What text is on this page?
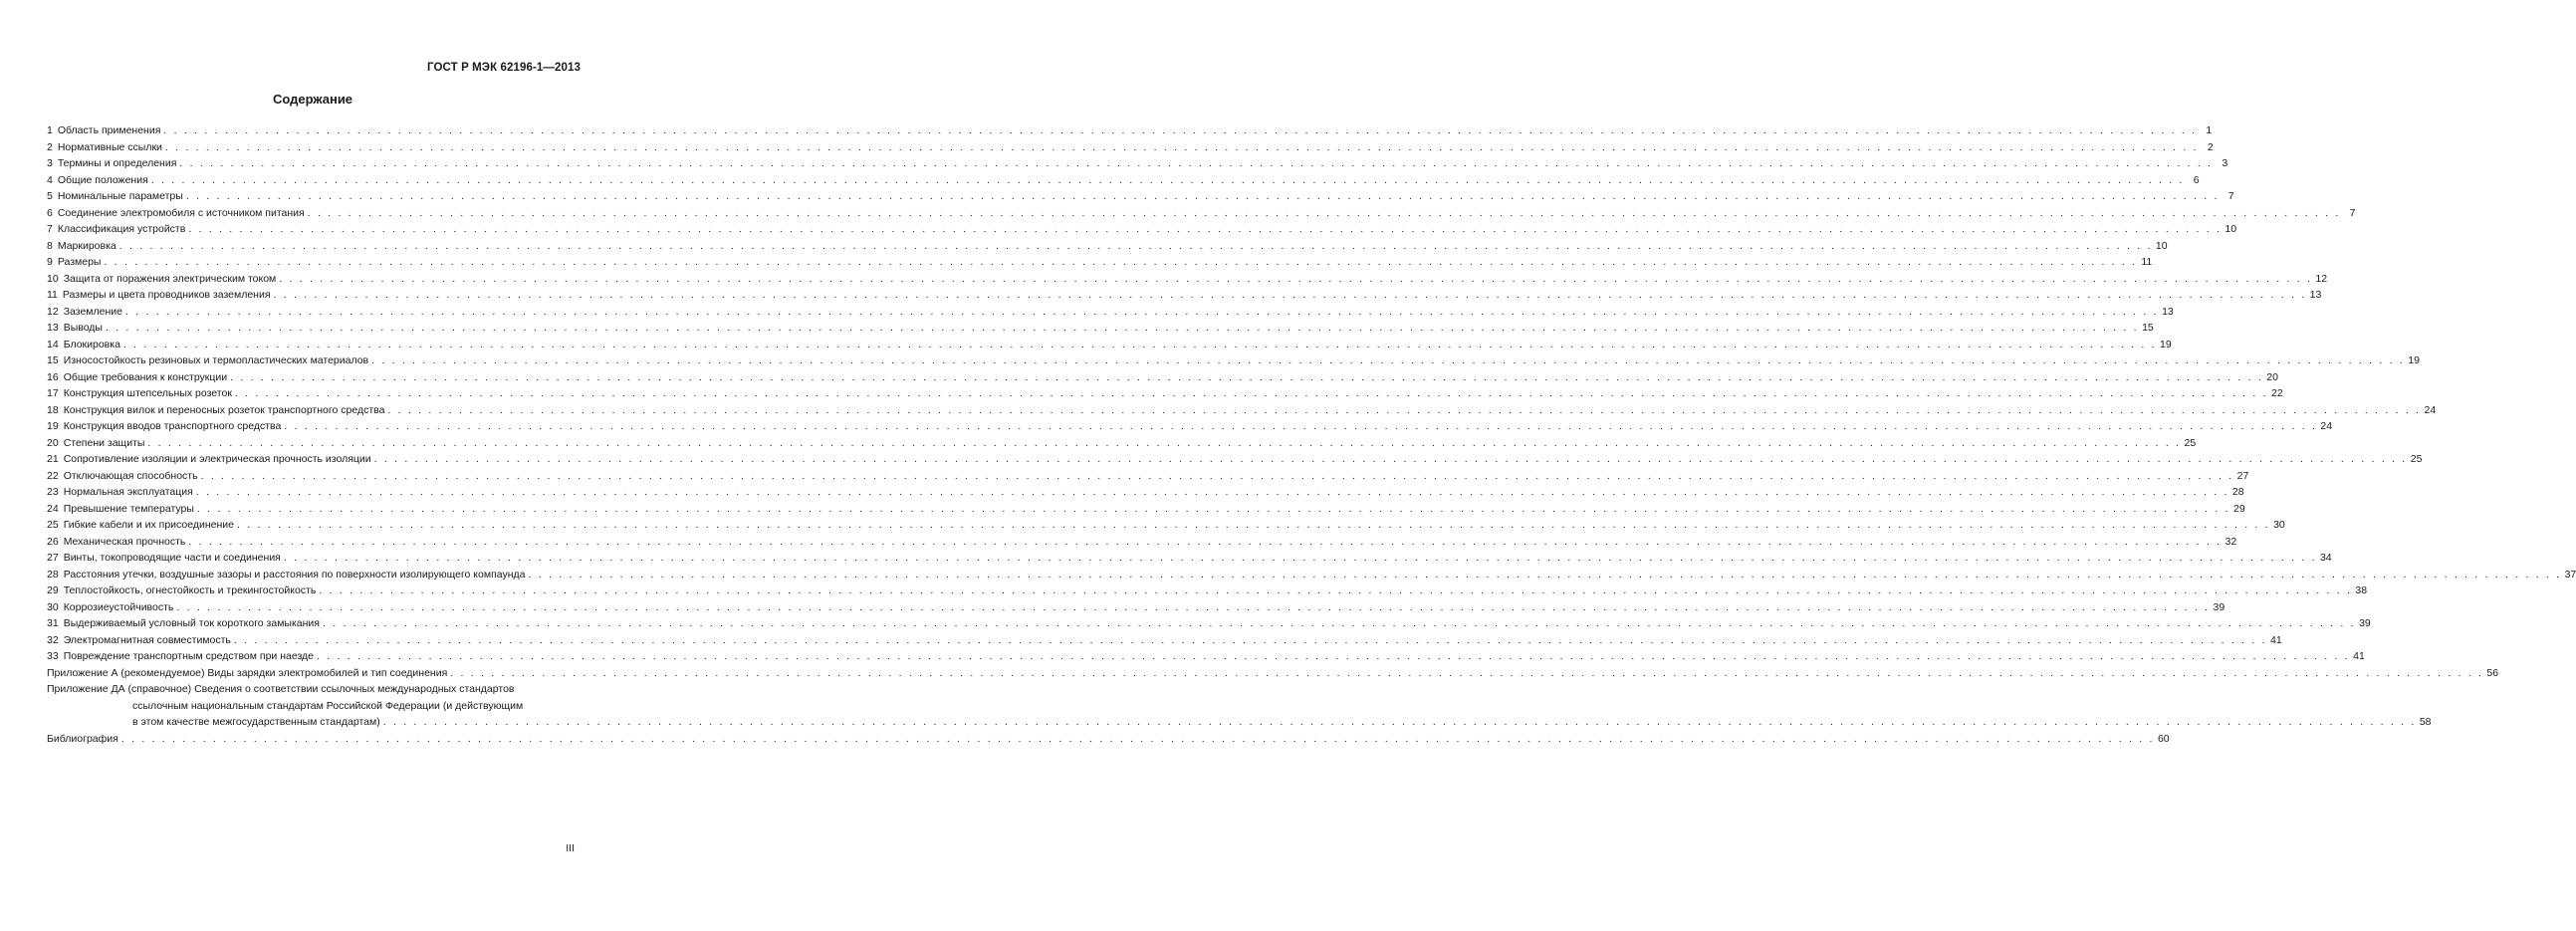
ГОСТ Р МЭК 62196-1—2013
Содержание
1 Область применения . . . . . . . . . . . . . . . . . . . . . . . . . . . . . . . . . . . . . . . . . . . . . . . . . . . . . . . . . . . . . . . . . . . . . . . . . . . . . . . . . . . . . . . . . . . . . . . . . . . . . . . . . . . . . . . . . . . . . . . . . . . . . . . . . . . . . . . . . . . . . . . . . . . . . . . . . . . . . . . . . . . . . . . . . . . . . . . . . . . . . . . . . . . . . . . . . . . . . . . . 1
2 Нормативные ссылки . . . . . . . . . . . . . . . . . . . . . . . . . . . . . . . . . . . . . . . . . . . . . . . . . . . . . . . . . . . . . . . . . . . . . . . . . . . . . . . . . . . . . . . . . . . . . . . . . . . . . . . . . . . . . . . . . . . . . . . . . . . . . . . . . . . . . . . . . . . . . . . . . . . . . . . . . . . . . . . . . . . . . . . . . . . . . . . . . . . . . . . . . . . . . . . . . . . . . . . . 2
3 Термины и определения . . . . . . . . . . . . . . . . . . . . . . . . . . . . . . . . . . . . . . . . . . . . . . . . . . . . . . . . . . . . . . . . . . . . . . . . . . . . . . . . . . . . . . . . . . . . . . . . . . . . . . . . . . . . . . . . . . . . . . . . . . . . . . . . . . . . . . . . . . . . . . . . . . . . . . . . . . . . . . . . . . . . . . . . . . . . . . . . . . . . . . . . . . . . . . . . . . . . . . . . 3
4 Общие положения . . . . . . . . . . . . . . . . . . . . . . . . . . . . . . . . . . . . . . . . . . . . . . . . . . . . . . . . . . . . . . . . . . . . . . . . . . . . . . . . . . . . . . . . . . . . . . . . . . . . . . . . . . . . . . . . . . . . . . . . . . . . . . . . . . . . . . . . . . . . . . . . . . . . . . . . . . . . . . . . . . . . . . . . . . . . . . . . . . . . . . . . . . . . . . . . . . . . . . . . 6
5 Номинальные параметры . . . . . . . . . . . . . . . . . . . . . . . . . . . . . . . . . . . . . . . . . . . . . . . . . . . . . . . . . . . . . . . . . . . . . . . . . . . . . . . . . . . . . . . . . . . . . . . . . . . . . . . . . . . . . . . . . . . . . . . . . . . . . . . . . . . . . . . . . . . . . . . . . . . . . . . . . . . . . . . . . . . . . . . . . . . . . . . . . . . . . . . . . . . . . . . . . . . . . . . . 7
6 Соединение электромобиля с источником питания . . . . . . . . . . . . . . . . . . . . . . . . . . . . . . . . . . . . . . . . . . . . . . . . . . . . . . . . . . . . . . . . . . . . . . . . . . . . . . . . . . . . . . . . . . . . . . . . . . . . . . . . . . . . . . . . . . . . . . . . . . . . . . . . . . . . . . . . . . . . . . . . . . . . . . . . . . . . . . . . . . . . . . . . . . . . . . . . . . . . . . . . . . . . . . . . . . . . . . . . 7
7 Классификация устройств . . . . . . . . . . . . . . . . . . . . . . . . . . . . . . . . . . . . . . . . . . . . . . . . . . . . . . . . . . . . . . . . . . . . . . . . . . . . . . . . . . . . . . . . . . . . . . . . . . . . . . . . . . . . . . . . . . . . . . . . . . . . . . . . . . . . . . . . . . . . . . . . . . . . . . . . . . . . . . . . . . . . . . . . . . . . . . . . . . . . . . . . . . . . . . . . . . . . . . . . 10
8 Маркировка . . . . . . . . . . . . . . . . . . . . . . . . . . . . . . . . . . . . . . . . . . . . . . . . . . . . . . . . . . . . . . . . . . . . . . . . . . . . . . . . . . . . . . . . . . . . . . . . . . . . . . . . . . . . . . . . . . . . . . . . . . . . . . . . . . . . . . . . . . . . . . . . . . . . . . . . . . . . . . . . . . . . . . . . . . . . . . . . . . . . . . . . . . . . . . . . . . . . . . . . 10
9 Размеры . . . . . . . . . . . . . . . . . . . . . . . . . . . . . . . . . . . . . . . . . . . . . . . . . . . . . . . . . . . . . . . . . . . . . . . . . . . . . . . . . . . . . . . . . . . . . . . . . . . . . . . . . . . . . . . . . . . . . . . . . . . . . . . . . . . . . . . . . . . . . . . . . . . . . . . . . . . . . . . . . . . . . . . . . . . . . . . . . . . . . . . . . . . . . . . . . . . . . . . . 11
10 Защита от поражения электрическим током . . . . . . . . . . . . . . . . . . . . . . . . . . . . . . . . . . . . . . . . . . . . . . . . . . . . . . . . . . . . . . . . . . . . . . . . . . . . . . . . . . . . . . . . . . . . . . . . . . . . . . . . . . . . . . . . . . . . . . . . . . . . . . . . . . . . . . . . . . . . . . . . . . . . . . . . . . . . . . . . . . . . . . . . . . . . . . . . . . . . . . . . . . . . . . . . . . . . . . . . 12
11 Размеры и цвета проводников заземления . . . . . . . . . . . . . . . . . . . . . . . . . . . . . . . . . . . . . . . . . . . . . . . . . . . . . . . . . . . . . . . . . . . . . . . . . . . . . . . . . . . . . . . . . . . . . . . . . . . . . . . . . . . . . . . . . . . . . . . . . . . . . . . . . . . . . . . . . . . . . . . . . . . . . . . . . . . . . . . . . . . . . . . . . . . . . . . . . . . . . . . . . . . . . . . . . . . . . . . . 13
12 Заземление . . . . . . . . . . . . . . . . . . . . . . . . . . . . . . . . . . . . . . . . . . . . . . . . . . . . . . . . . . . . . . . . . . . . . . . . . . . . . . . . . . . . . . . . . . . . . . . . . . . . . . . . . . . . . . . . . . . . . . . . . . . . . . . . . . . . . . . . . . . . . . . . . . . . . . . . . . . . . . . . . . . . . . . . . . . . . . . . . . . . . . . . . . . . . . . . . . . . . . . . 13
13 Выводы . . . . . . . . . . . . . . . . . . . . . . . . . . . . . . . . . . . . . . . . . . . . . . . . . . . . . . . . . . . . . . . . . . . . . . . . . . . . . . . . . . . . . . . . . . . . . . . . . . . . . . . . . . . . . . . . . . . . . . . . . . . . . . . . . . . . . . . . . . . . . . . . . . . . . . . . . . . . . . . . . . . . . . . . . . . . . . . . . . . . . . . . . . . . . . . . . . . . . . . . 15
14 Блокировка . . . . . . . . . . . . . . . . . . . . . . . . . . . . . . . . . . . . . . . . . . . . . . . . . . . . . . . . . . . . . . . . . . . . . . . . . . . . . . . . . . . . . . . . . . . . . . . . . . . . . . . . . . . . . . . . . . . . . . . . . . . . . . . . . . . . . . . . . . . . . . . . . . . . . . . . . . . . . . . . . . . . . . . . . . . . . . . . . . . . . . . . . . . . . . . . . . . . . . . . 19
15 Износостойкость резиновых и термопластических материалов . . . . . . . . . . . . . . . . . . . . . . . . . . . . . . . . . . . . . . . . . . . . . . . . . . . . . . . . . . . . . . . . . . . . . . . . . . . . . . . . . . . . . . . . . . . . . . . . . . . . . . . . . . . . . . . . . . . . . . . . . . . . . . . . . . . . . . . . . . . . . . . . . . . . . . . . . . . . . . . . . . . . . . . . . . . . . . . . . . . . . . . . . . . . . . . . . . . . . . . . 19
16 Общие требования к конструкции . . . . . . . . . . . . . . . . . . . . . . . . . . . . . . . . . . . . . . . . . . . . . . . . . . . . . . . . . . . . . . . . . . . . . . . . . . . . . . . . . . . . . . . . . . . . . . . . . . . . . . . . . . . . . . . . . . . . . . . . . . . . . . . . . . . . . . . . . . . . . . . . . . . . . . . . . . . . . . . . . . . . . . . . . . . . . . . . . . . . . . . . . . . . . . . . . . . . . . . . 20
17 Конструкция штепсельных розеток . . . . . . . . . . . . . . . . . . . . . . . . . . . . . . . . . . . . . . . . . . . . . . . . . . . . . . . . . . . . . . . . . . . . . . . . . . . . . . . . . . . . . . . . . . . . . . . . . . . . . . . . . . . . . . . . . . . . . . . . . . . . . . . . . . . . . . . . . . . . . . . . . . . . . . . . . . . . . . . . . . . . . . . . . . . . . . . . . . . . . . . . . . . . . . . . . . . . . . . . 22
18 Конструкция вилок и переносных розеток транспортного средства . . . . . . . . . . . . . . . . . . . . . . . . . . . . . . . . . . . . . . . . . . . . . . . . . . . . . . . . . . . . . . . . . . . . . . . . . . . . . . . . . . . . . . . . . . . . . . . . . . . . . . . . . . . . . . . . . . . . . . . . . . . . . . . . . . . . . . . . . . . . . . . . . . . . . . . . . . . . . . . . . . . . . . . . . . . . . . . . . . . . . . . . . . . . . . . . . . . . . . . . 24
19 Конструкция вводов транспортного средства . . . . . . . . . . . . . . . . . . . . . . . . . . . . . . . . . . . . . . . . . . . . . . . . . . . . . . . . . . . . . . . . . . . . . . . . . . . . . . . . . . . . . . . . . . . . . . . . . . . . . . . . . . . . . . . . . . . . . . . . . . . . . . . . . . . . . . . . . . . . . . . . . . . . . . . . . . . . . . . . . . . . . . . . . . . . . . . . . . . . . . . . . . . . . . . . . . . . . . . . 24
20 Степени защиты . . . . . . . . . . . . . . . . . . . . . . . . . . . . . . . . . . . . . . . . . . . . . . . . . . . . . . . . . . . . . . . . . . . . . . . . . . . . . . . . . . . . . . . . . . . . . . . . . . . . . . . . . . . . . . . . . . . . . . . . . . . . . . . . . . . . . . . . . . . . . . . . . . . . . . . . . . . . . . . . . . . . . . . . . . . . . . . . . . . . . . . . . . . . . . . . . . . . . . . . 25
21 Сопротивление изоляции и электрическая прочность изоляции . . . . . . . . . . . . . . . . . . . . . . . . . . . . . . . . . . . . . . . . . . . . . . . . . . . . . . . . . . . . . . . . . . . . . . . . . . . . . . . . . . . . . . . . . . . . . . . . . . . . . . . . . . . . . . . . . . . . . . . . . . . . . . . . . . . . . . . . . . . . . . . . . . . . . . . . . . . . . . . . . . . . . . . . . . . . . . . . . . . . . . . . . . . . . . . . . . . . . . . . 25
22 Отключающая способность . . . . . . . . . . . . . . . . . . . . . . . . . . . . . . . . . . . . . . . . . . . . . . . . . . . . . . . . . . . . . . . . . . . . . . . . . . . . . . . . . . . . . . . . . . . . . . . . . . . . . . . . . . . . . . . . . . . . . . . . . . . . . . . . . . . . . . . . . . . . . . . . . . . . . . . . . . . . . . . . . . . . . . . . . . . . . . . . . . . . . . . . . . . . . . . . . . . . . . . . 27
23 Нормальная эксплуатация . . . . . . . . . . . . . . . . . . . . . . . . . . . . . . . . . . . . . . . . . . . . . . . . . . . . . . . . . . . . . . . . . . . . . . . . . . . . . . . . . . . . . . . . . . . . . . . . . . . . . . . . . . . . . . . . . . . . . . . . . . . . . . . . . . . . . . . . . . . . . . . . . . . . . . . . . . . . . . . . . . . . . . . . . . . . . . . . . . . . . . . . . . . . . . . . . . . . . . . . 28
24 Превышение температуры . . . . . . . . . . . . . . . . . . . . . . . . . . . . . . . . . . . . . . . . . . . . . . . . . . . . . . . . . . . . . . . . . . . . . . . . . . . . . . . . . . . . . . . . . . . . . . . . . . . . . . . . . . . . . . . . . . . . . . . . . . . . . . . . . . . . . . . . . . . . . . . . . . . . . . . . . . . . . . . . . . . . . . . . . . . . . . . . . . . . . . . . . . . . . . . . . . . . . . . . 29
25 Гибкие кабели и их присоединение . . . . . . . . . . . . . . . . . . . . . . . . . . . . . . . . . . . . . . . . . . . . . . . . . . . . . . . . . . . . . . . . . . . . . . . . . . . . . . . . . . . . . . . . . . . . . . . . . . . . . . . . . . . . . . . . . . . . . . . . . . . . . . . . . . . . . . . . . . . . . . . . . . . . . . . . . . . . . . . . . . . . . . . . . . . . . . . . . . . . . . . . . . . . . . . . . . . . . . . . 30
26 Механическая прочность . . . . . . . . . . . . . . . . . . . . . . . . . . . . . . . . . . . . . . . . . . . . . . . . . . . . . . . . . . . . . . . . . . . . . . . . . . . . . . . . . . . . . . . . . . . . . . . . . . . . . . . . . . . . . . . . . . . . . . . . . . . . . . . . . . . . . . . . . . . . . . . . . . . . . . . . . . . . . . . . . . . . . . . . . . . . . . . . . . . . . . . . . . . . . . . . . . . . . . . . 32
27 Винты, токопроводящие части и соединения . . . . . . . . . . . . . . . . . . . . . . . . . . . . . . . . . . . . . . . . . . . . . . . . . . . . . . . . . . . . . . . . . . . . . . . . . . . . . . . . . . . . . . . . . . . . . . . . . . . . . . . . . . . . . . . . . . . . . . . . . . . . . . . . . . . . . . . . . . . . . . . . . . . . . . . . . . . . . . . . . . . . . . . . . . . . . . . . . . . . . . . . . . . . . . . . . . . . . . . . 34
28 Расстояния утечки, воздушные зазоры и расстояния по поверхности изолирующего компаунда . . . . . . . . . . . . . . . . . . . . . . . . . . . . . . . . . . . . . . . . . . . . . . . . . . . . . . . . . . . . . . . . . . . . . . . . . . . . . . . . . . . . . . . . . . . . . . . . . . . . . . . . . . . . . . . . . . . . . . . . . . . . . . . . . . . . . . . . . . . . . . . . . . . . . . . . . . . . . . . . . . . . . . . . . . . . . . . . . . . . . . . . . . . . . . . . . . . . . . . . 37
29 Теплостойкость, огнестойкость и трекингостойкость . . . . . . . . . . . . . . . . . . . . . . . . . . . . . . . . . . . . . . . . . . . . . . . . . . . . . . . . . . . . . . . . . . . . . . . . . . . . . . . . . . . . . . . . . . . . . . . . . . . . . . . . . . . . . . . . . . . . . . . . . . . . . . . . . . . . . . . . . . . . . . . . . . . . . . . . . . . . . . . . . . . . . . . . . . . . . . . . . . . . . . . . . . . . . . . . . . . . . . . . 38
30 Коррозиеустойчивость . . . . . . . . . . . . . . . . . . . . . . . . . . . . . . . . . . . . . . . . . . . . . . . . . . . . . . . . . . . . . . . . . . . . . . . . . . . . . . . . . . . . . . . . . . . . . . . . . . . . . . . . . . . . . . . . . . . . . . . . . . . . . . . . . . . . . . . . . . . . . . . . . . . . . . . . . . . . . . . . . . . . . . . . . . . . . . . . . . . . . . . . . . . . . . . . . . . . . . . . 39
31 Выдерживаемый условный ток короткого замыкания . . . . . . . . . . . . . . . . . . . . . . . . . . . . . . . . . . . . . . . . . . . . . . . . . . . . . . . . . . . . . . . . . . . . . . . . . . . . . . . . . . . . . . . . . . . . . . . . . . . . . . . . . . . . . . . . . . . . . . . . . . . . . . . . . . . . . . . . . . . . . . . . . . . . . . . . . . . . . . . . . . . . . . . . . . . . . . . . . . . . . . . . . . . . . . . . . . . . . . . . 39
32 Электромагнитная совместимость . . . . . . . . . . . . . . . . . . . . . . . . . . . . . . . . . . . . . . . . . . . . . . . . . . . . . . . . . . . . . . . . . . . . . . . . . . . . . . . . . . . . . . . . . . . . . . . . . . . . . . . . . . . . . . . . . . . . . . . . . . . . . . . . . . . . . . . . . . . . . . . . . . . . . . . . . . . . . . . . . . . . . . . . . . . . . . . . . . . . . . . . . . . . . . . . . . . . . . . . 41
33 Повреждение транспортным средством при наезде . . . . . . . . . . . . . . . . . . . . . . . . . . . . . . . . . . . . . . . . . . . . . . . . . . . . . . . . . . . . . . . . . . . . . . . . . . . . . . . . . . . . . . . . . . . . . . . . . . . . . . . . . . . . . . . . . . . . . . . . . . . . . . . . . . . . . . . . . . . . . . . . . . . . . . . . . . . . . . . . . . . . . . . . . . . . . . . . . . . . . . . . . . . . . . . . . . . . . . . . 41
Приложение А (рекомендуемое) Виды зарядки электромобилей и тип соединения . . . . . . . . . . . . . . . . . . . . . . . . . . . . . . . . . . . . . . . . . . . . . . . . . . . . . . . . . . . . . . . . . . . . . . . . . . . . . . . . . . . . . . . . . . . . . . . . . . . . . . . . . . . . . . . . . . . . . . . . . . . . . . . . . . . . . . . . . . . . . . . . . . . . . . . . . . . . . . . . . . . . . . . . . . . . . . . . . . . . . . . . . . . . . . . . . . . . . . . . 56
Приложение ДА (справочное) Сведения о соответствии ссылочных международных стандартов
ссылочным национальным стандартам Российской Федерации (и действующим
в этом качестве межгосударственным стандартам) . . . . . . . . . . . . . . . . . . . . . . . . . . . . . . . . . . . . . . . . . . . . . . . . . . . . . . . . . . . . . . . . . . . . . . . . . . . . . . . . . . . . . . . . . . . . . . . . . . . . . . . . . . . . . . . . . . . . . . . . . . . . . . . . . . . . . . . . . . . . . . . . . . . . . . . . . . . . . . . . . . . . . . . . . . . . . . . . . . . . . . . . . . . . . . . . . . . . . . . . 58
Библиография . . . . . . . . . . . . . . . . . . . . . . . . . . . . . . . . . . . . . . . . . . . . . . . . . . . . . . . . . . . . . . . . . . . . . . . . . . . . . . . . . . . . . . . . . . . . . . . . . . . . . . . . . . . . . . . . . . . . . . . . . . . . . . . . . . . . . . . . . . . . . . . . . . . . . . . . . . . . . . . . . . . . . . . . . . . . . . . . . . . . . . . . . . . . . . . . . . . . . . . . 60
III
